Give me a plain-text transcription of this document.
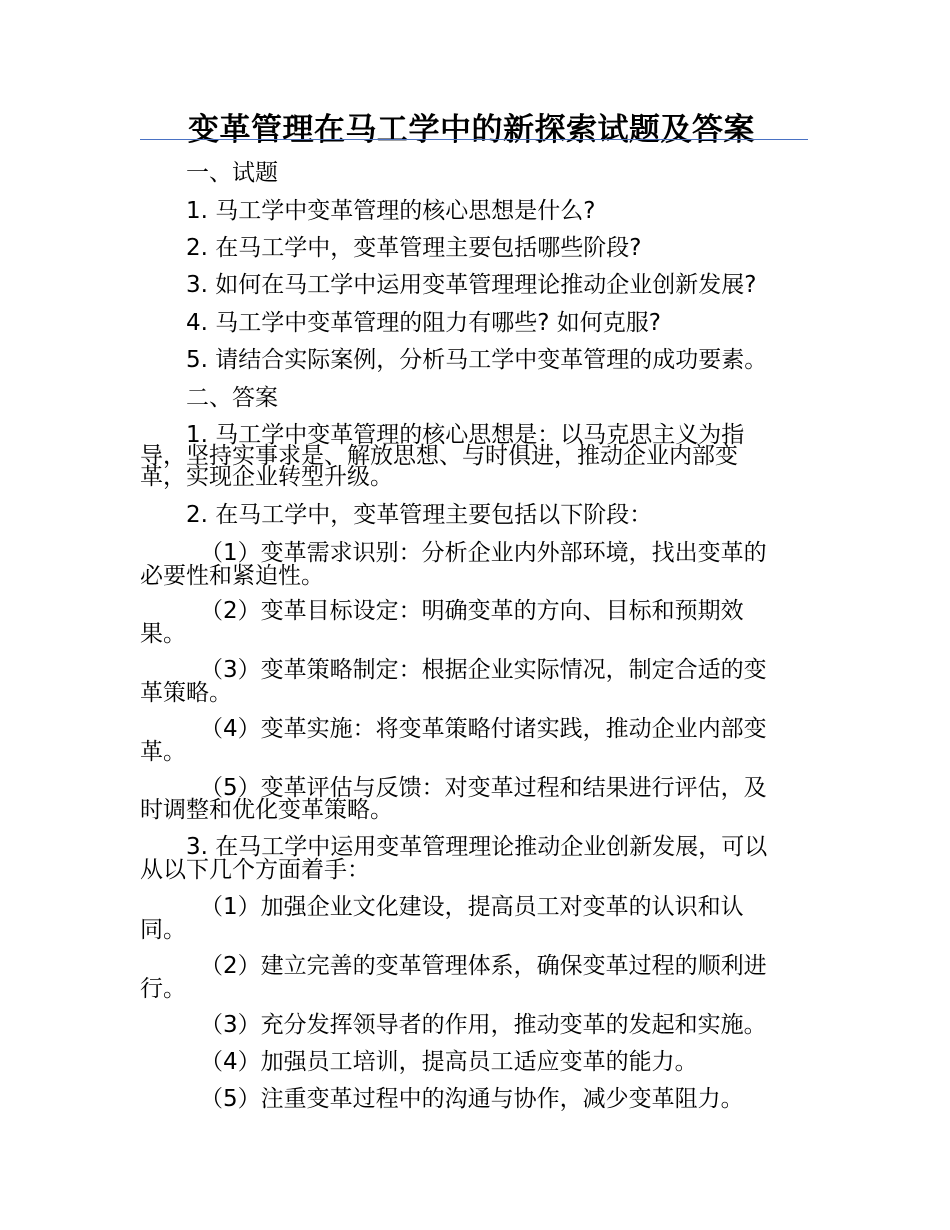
变革管理在马工学中的新探索试题及答案
一、试题
1. 马工学中变革管理的核心思想是什么?
2. 在马工学中，变革管理主要包括哪些阶段?
3. 如何在马工学中运用变革管理理论推动企业创新发展?
4. 马工学中变革管理的阻力有哪些? 如何克服?
5. 请结合实际案例，分析马工学中变革管理的成功要素。
二、答案
1. 马工学中变革管理的核心思想是：以马克思主义为指
导，坚持实事求是、解放思想、与时俱进，推动企业内部变
革，实现企业转型升级。
2. 在马工学中，变革管理主要包括以下阶段：
（1）变革需求识别：分析企业内外部环境，找出变革的
必要性和紧迫性。
（2）变革目标设定：明确变革的方向、目标和预期效
果。
（3）变革策略制定：根据企业实际情况，制定合适的变
革策略。
（4）变革实施：将变革策略付诸实践，推动企业内部变
革。
（5）变革评估与反馈：对变革过程和结果进行评估，及
时调整和优化变革策略。
3. 在马工学中运用变革管理理论推动企业创新发展，可以
从以下几个方面着手：
（1）加强企业文化建设，提高员工对变革的认识和认
同。
（2）建立完善的变革管理体系，确保变革过程的顺利进
行。
（3）充分发挥领导者的作用，推动变革的发起和实施。
（4）加强员工培训，提高员工适应变革的能力。
（5）注重变革过程中的沟通与协作，减少变革阻力。
